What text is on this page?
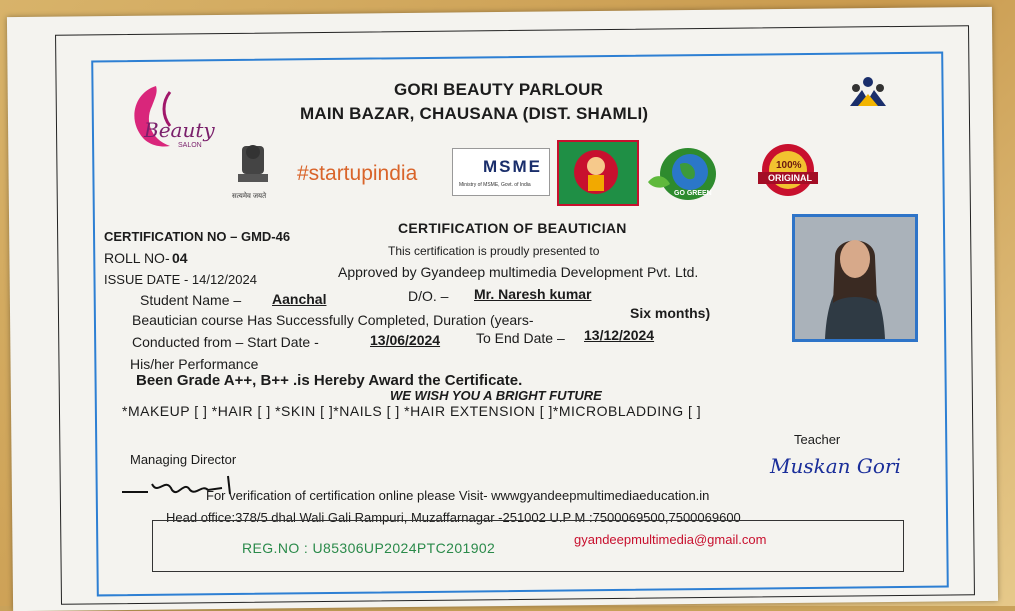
GORI BEAUTY PARLOUR
MAIN BAZAR, CHAUSANA (DIST. SHAMLI)
Beauty
SALON
सत्यमेव जयते
#startupindia	MSME
Ministry of MSME, Govt. of India
GO GREEN
100%
ORIGINAL
CERTIFICATION NO – GMD-46
CERTIFICATION OF BEAUTICIAN
ROLL NO- 04	This certification is proudly presented to
ISSUE DATE - 14/12/2024	Approved by Gyandeep multimedia Development Pvt. Ltd.
Student Name – Aanchal	D/O. – Mr. Naresh kumar
Beautician course Has Successfully Completed, Duration (years-	Six months)
Conducted from – Start Date -	13/06/2024	To End Date – 13/12/2024
His/her Performance
Been Grade A++, B++ .is Hereby Award the Certificate.
WE WISH YOU A BRIGHT FUTURE
*MAKEUP [ ] *HAIR [ ] *SKIN [ ]*NAILS [ ] *HAIR EXTENSION [ ]*MICROBLADDING [ ]
Teacher
Muskan Gori
Managing Director
For verification of certification online please Visit- wwwgyandeepmultimediaeducation.in
Head office:378/5 dhal Wali Gali Rampuri, Muzaffarnagar -251002 U.P M :7500069500,7500069600
REG.NO : U85306UP2024PTC201902
gyandeepmultimedia@gmail.com
